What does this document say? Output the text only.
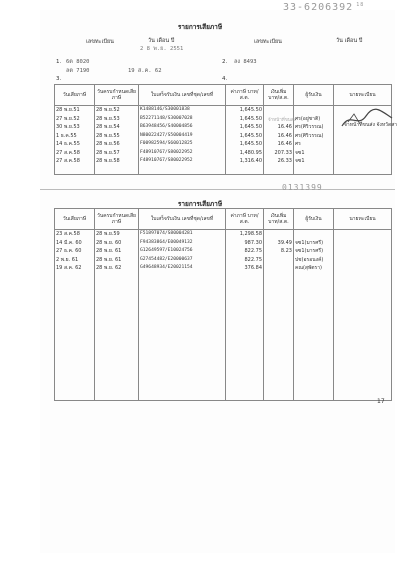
33-6206392 $^{18}$
รายการเสียภาษี
เลขทะเบียน	วัน เดือน ปี	เลขทะเบียน	วัน เดือน ปี
2 8 พ.ย. 2551
1. 6ต 8020	2. ลง 8493
ลต 7190	19 ส.ค. 62
3.	4.
วันเสียภาษี	วันครบกำหนดเสียภาษี	ใบเสร็จรับเงิน เลขที่ชุด/เลขที่	ค่าภาษี บาท/ส.ต.	เงินเพิ่ม บาท/ส.ต.	ผู้รับเงิน	นายทะเบียน
28 พ.ย.51	28 พ.ย.52	K1488146/S30001838	1,645.50			
27 พ.ย.52	28 พ.ย.53	B52271148/S30007028	1,645.50		ศร(อยู่ชาติ)	
30 พ.ย.53	28 พ.ย.54	B63948456/S40004856	1,645.50	16.46	ศร(ศิริวรรณ)	
1 ธ.ค.55	28 พ.ย.55	N80022427/S50004419	1,645.50	16.46	ศร(ศิริวรรณ)	
14 ธ.ค.55	28 พ.ย.56	F00982594/S60012825	1,645.50	16.46	ศร	
27 ส.ค.58	28 พ.ย.57	F48910767/S80022952	1,480.95	207.33	จซ1	
27 ส.ค.58	28 พ.ย.58	F48910767/S80022952	1,316.40	26.33	จซ1	

จ้าหน้าที่ขนส่ง
จ้าหน้าที่ขนส่ง จังหวัดสา
0131399
รายการเสียภาษี
วันเสียภาษี	วันครบกำหนดเสียภาษี	ใบเสร็จรับเงิน เลขที่ชุด/เลขที่	ค่าภาษี บาท/ส.ต.	เงินเพิ่ม บาท/ส.ต.	ผู้รับเงิน	นายทะเบียน
23 ส.ค.58	28 พ.ย.59	F51897074/S80004281	1,298.58			
14 มี.ค. 60	28 พ.ย. 60	F94383864/E00049132	987.30	39.49	จซ1(มารศรี)	
27 ธ.ค. 60	28 พ.ย. 61	G12649597/E10024756	822.75	8.23	จซ1(มารศรี)	
2 พ.ย. 61	28 พ.ย. 61	G27454482/E20000637	822.75		ปช(อรอนงค์)	
19 ส.ค. 62	28 พ.ย. 62	G49648934/E20021154	376.84		คณ(สุพัตรา)	

17
